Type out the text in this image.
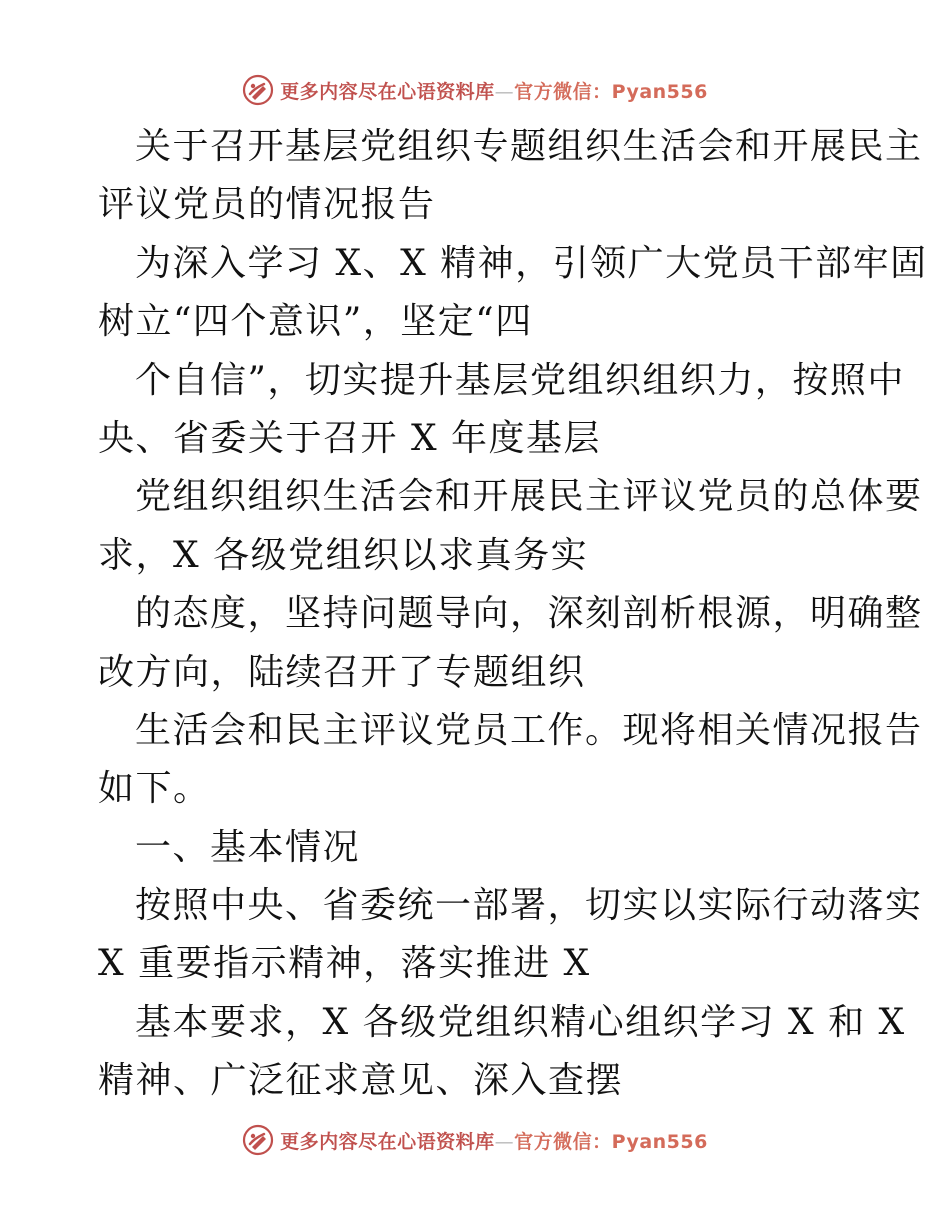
更多内容尽在心语资料库—官方微信：Pyan556
关于召开基层党组织专题组织生活会和开展民主
评议党员的情况报告
为深入学习 X、X 精神，引领广大党员干部牢固
树立“四个意识”，坚定“四
个自信”，切实提升基层党组织组织力，按照中
央、省委关于召开 X 年度基层
党组织组织生活会和开展民主评议党员的总体要
求，X 各级党组织以求真务实
的态度，坚持问题导向，深刻剖析根源，明确整
改方向，陆续召开了专题组织
生活会和民主评议党员工作。现将相关情况报告
如下。
一、基本情况
按照中央、省委统一部署，切实以实际行动落实
X 重要指示精神，落实推进 X
基本要求，X 各级党组织精心组织学习 X 和 X
精神、广泛征求意见、深入查摆
更多内容尽在心语资料库—官方微信：Pyan556
